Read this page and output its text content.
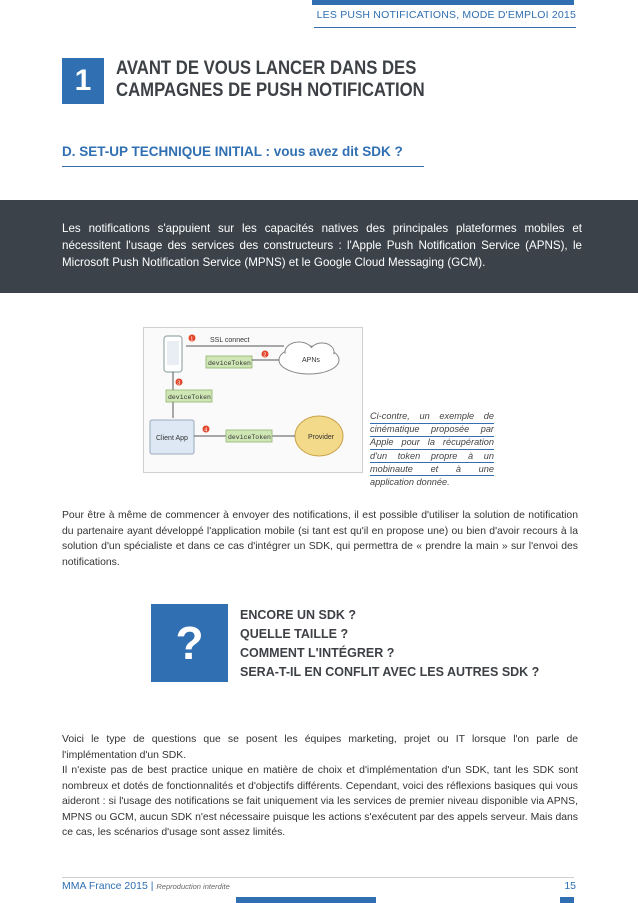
LES PUSH NOTIFICATIONS, MODE D'EMPLOI 2015
1	AVANT DE VOUS LANCER DANS DES
CAMPAGNES DE PUSH NOTIFICATION
D. SET-UP TECHNIQUE INITIAL : vous avez dit SDK ?
Les notifications s'appuient sur les capacités natives des principales plateformes mobiles et nécessitent l'usage des services des constructeurs : l'Apple Push Notification Service (APNS), le Microsoft Push Notification Service (MPNS) et le Google Cloud Messaging (GCM).
SSL connect
1
APNs
deviceToken
2
3
deviceToken
Client App	Provider
deviceToken
4
Ci-contre, un exemple de cinématique proposée par Apple pour la récupération d'un token propre à un mobinaute et à une application donnée.
Pour être à même de commencer à envoyer des notifications, il est possible d'utiliser la solution de notification du partenaire ayant développé l'application mobile (si tant est qu'il en propose une) ou bien d'avoir recours à la solution d'un spécialiste et dans ce cas d'intégrer un SDK, qui permettra de « prendre la main » sur l'envoi des notifications.
?
ENCORE UN SDK ?
QUELLE TAILLE ?
COMMENT L'INTÉGRER ?
SERA-T-IL EN CONFLIT AVEC LES AUTRES SDK ?
Voici le type de questions que se posent les équipes marketing, projet ou IT lorsque l'on parle de l'implémentation d'un SDK.
Il n'existe pas de best practice unique en matière de choix et d'implémentation d'un SDK, tant les SDK sont nombreux et dotés de fonctionnalités et d'objectifs différents. Cependant, voici des réflexions basiques qui vous aideront : si l'usage des notifications se fait uniquement via les services de premier niveau disponible via APNS, MPNS ou GCM, aucun SDK n'est nécessaire puisque les actions s'exécutent par des appels serveur. Mais dans ce cas, les scénarios d'usage sont assez limités.
MMA France 2015 | Reproduction interdite	15
